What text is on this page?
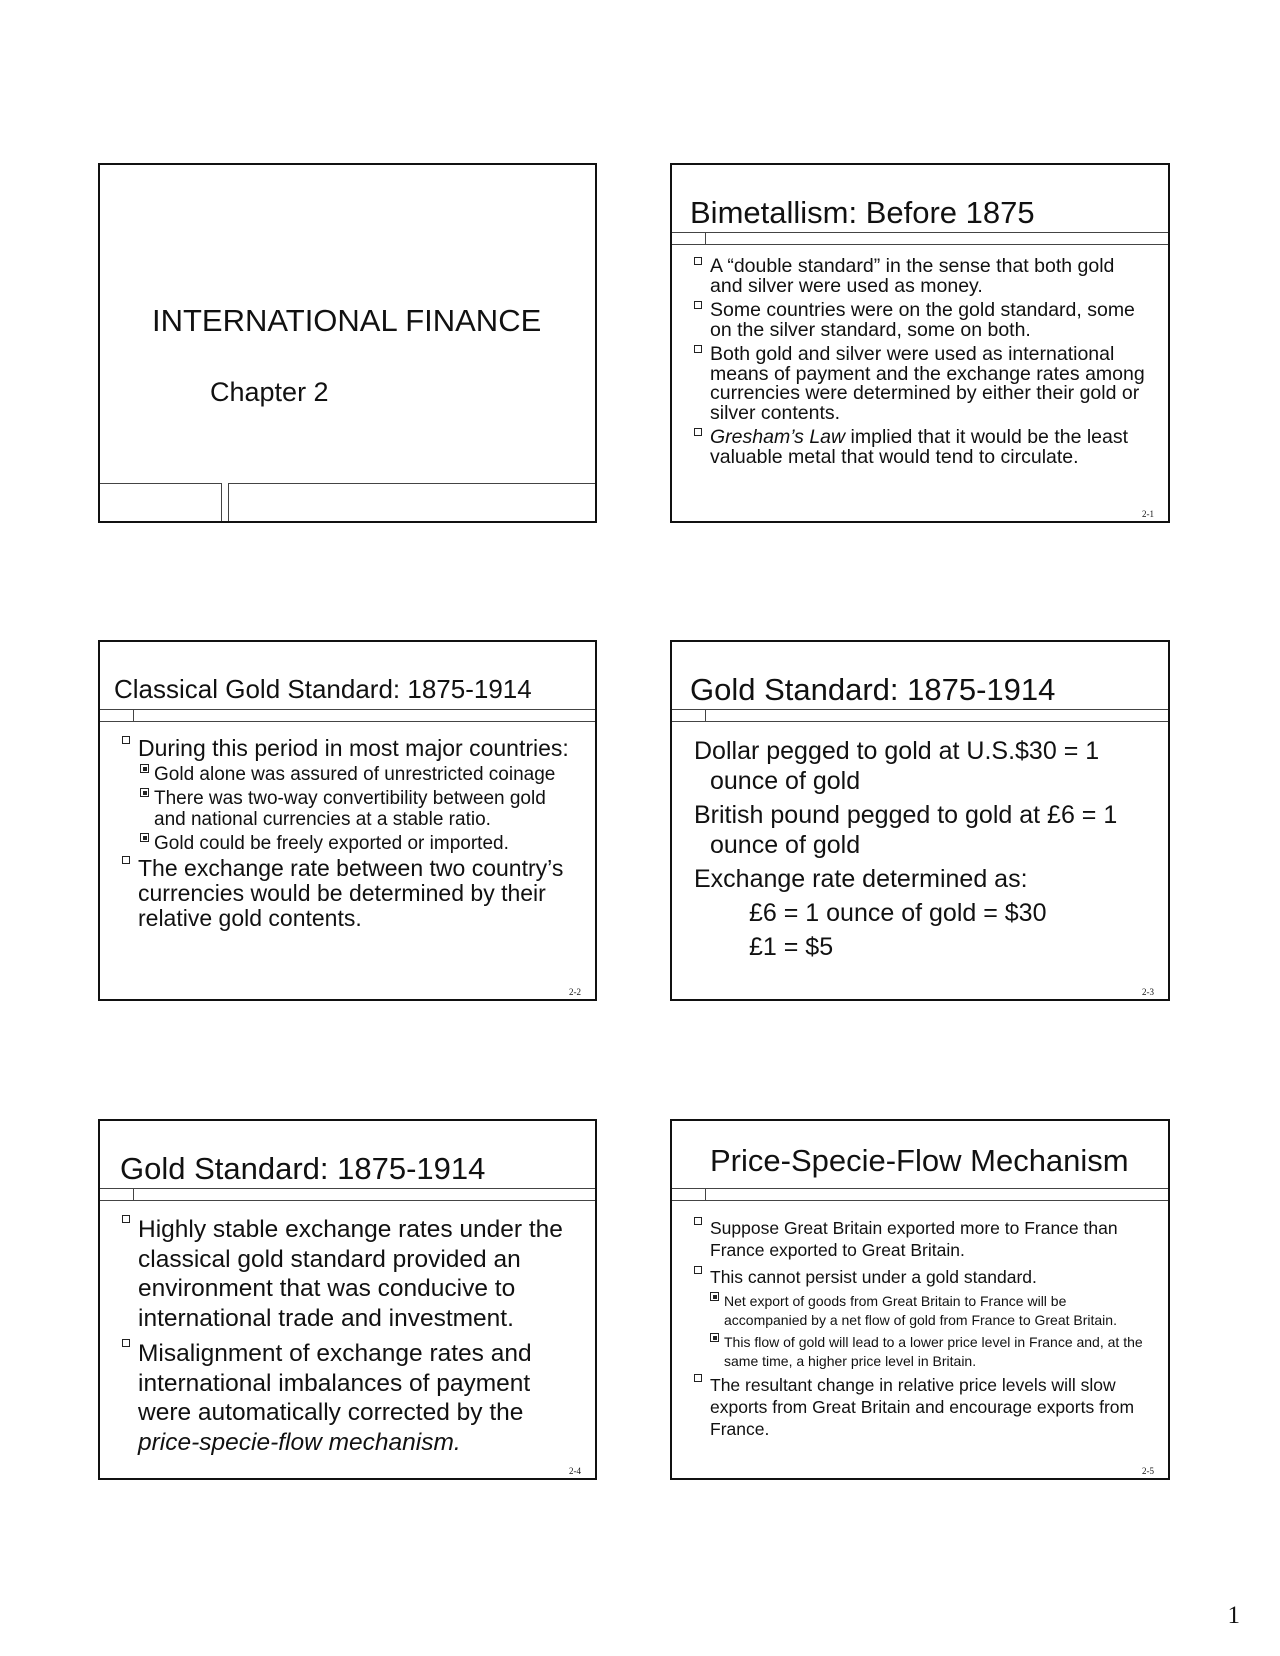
INTERNATIONAL FINANCE
Chapter 2
Bimetallism: Before 1875
A “double standard” in the sense that both gold and silver were used as money.
Some countries were on the gold standard, some on the silver standard, some on both.
Both gold and silver were used as international means of payment and the exchange rates among currencies were determined by either their gold or silver contents.
Gresham’s Law implied that it would be the least valuable metal that would tend to circulate.
2-1
Classical Gold Standard: 1875-1914
During this period in most major countries:
Gold alone was assured of unrestricted coinage
There was two-way convertibility between gold and national currencies at a stable ratio.
Gold could be freely exported or imported.
The exchange rate between two country’s currencies would be determined by their relative gold contents.
2-2
Gold Standard: 1875-1914
Dollar pegged to gold at U.S.$30 = 1 ounce of gold
British pound pegged to gold at £6 = 1 ounce of gold
Exchange rate determined as:
£6 = 1 ounce of gold = $30
£1 = $5
2-3
Gold Standard: 1875-1914
Highly stable exchange rates under the classical gold standard provided an environment that was conducive to international trade and investment.
Misalignment of exchange rates and international imbalances of payment were automatically corrected by the price-specie-flow mechanism.
2-4
Price-Specie-Flow Mechanism
Suppose Great Britain exported more to France than France exported to Great Britain.
This cannot persist under a gold standard.
Net export of goods from Great Britain to France will be accompanied by a net flow of gold from France to Great Britain.
This flow of gold will lead to a lower price level in France and, at the same time, a higher price level in Britain.
The resultant change in relative price levels will slow exports from Great Britain and encourage exports from France.
2-5
1
